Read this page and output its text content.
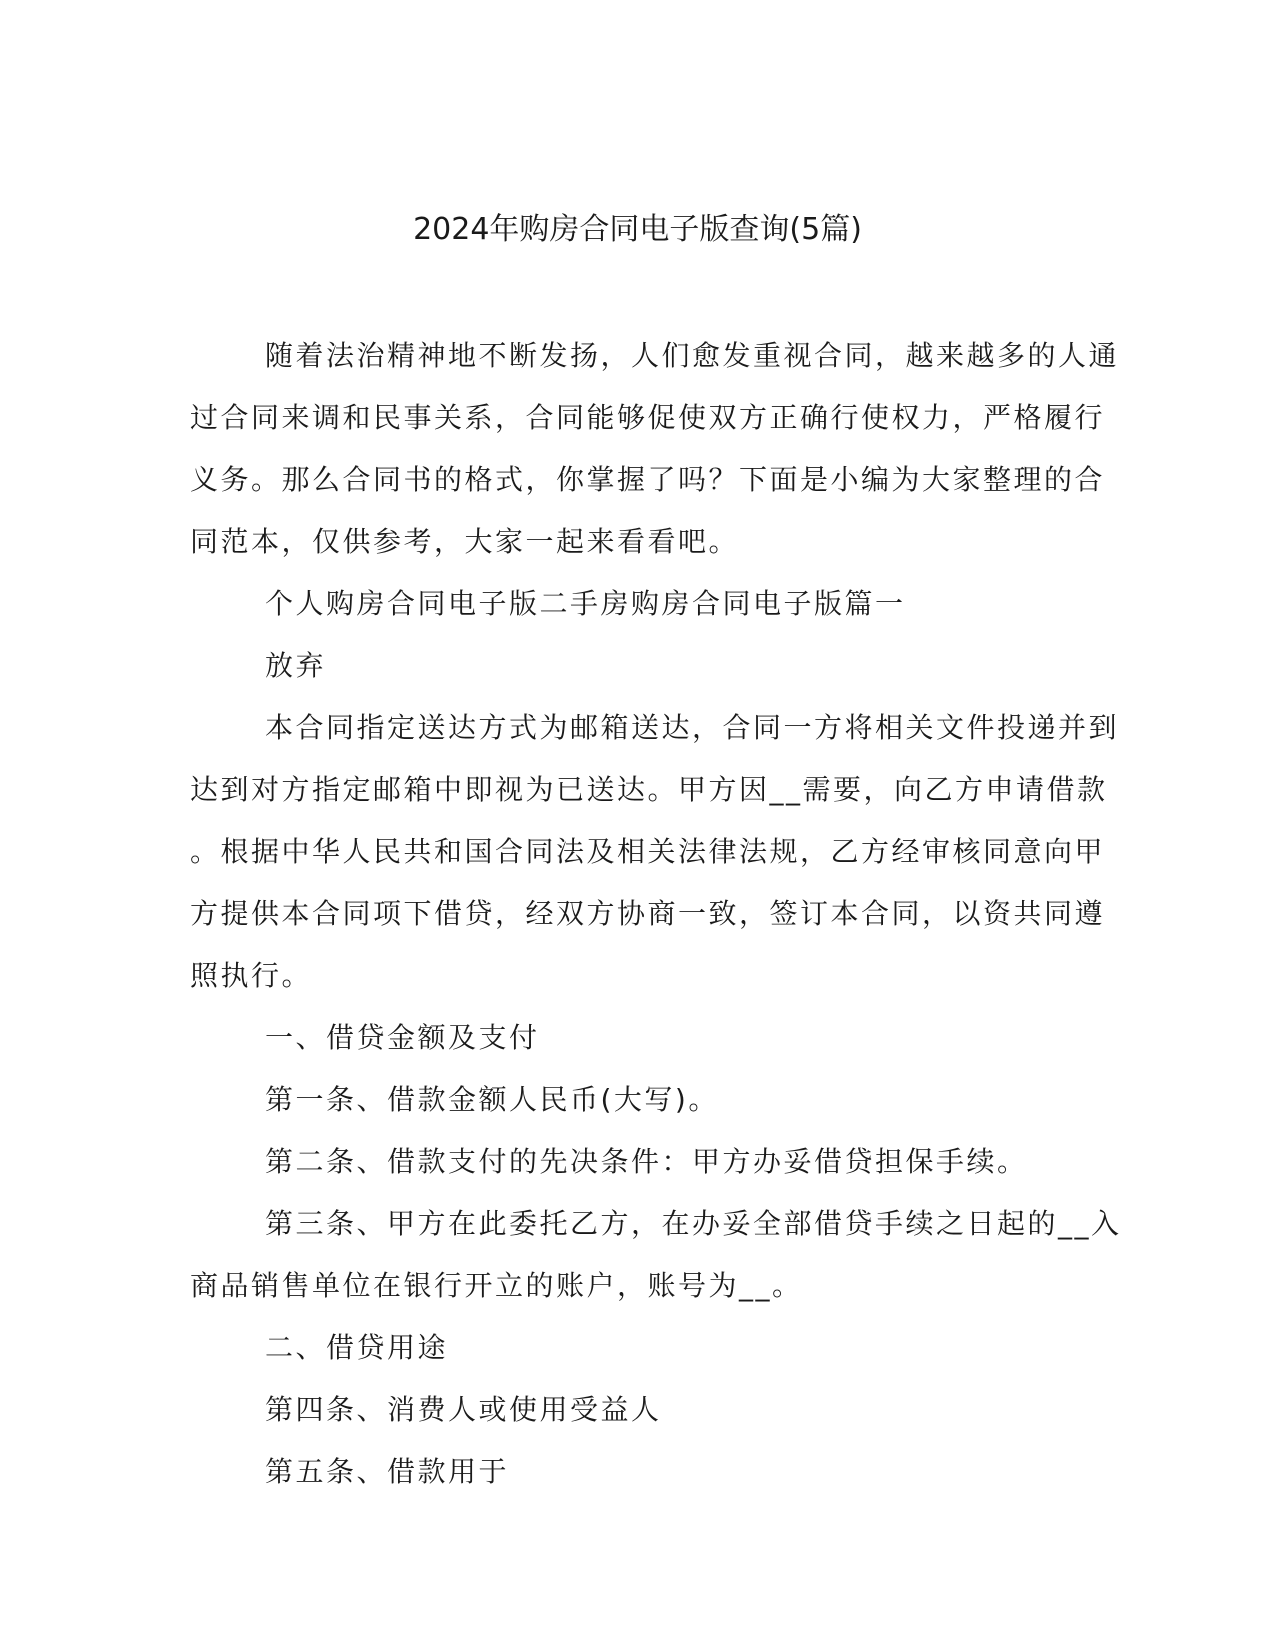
2024年购房合同电子版查询(5篇)
随着法治精神地不断发扬，人们愈发重视合同，越来越多的人通
过合同来调和民事关系，合同能够促使双方正确行使权力，严格履行
义务。那么合同书的格式，你掌握了吗？下面是小编为大家整理的合
同范本，仅供参考，大家一起来看看吧。
个人购房合同电子版二手房购房合同电子版篇一
放弃
本合同指定送达方式为邮箱送达，合同一方将相关文件投递并到
达到对方指定邮箱中即视为已送达。甲方因__需要，向乙方申请借款
。根据中华人民共和国合同法及相关法律法规，乙方经审核同意向甲
方提供本合同项下借贷，经双方协商一致，签订本合同，以资共同遵
照执行。
一、借贷金额及支付
第一条、借款金额人民币(大写)。
第二条、借款支付的先决条件：甲方办妥借贷担保手续。
第三条、甲方在此委托乙方，在办妥全部借贷手续之日起的__入
商品销售单位在银行开立的账户，账号为__。
二、借贷用途
第四条、消费人或使用受益人
第五条、借款用于
